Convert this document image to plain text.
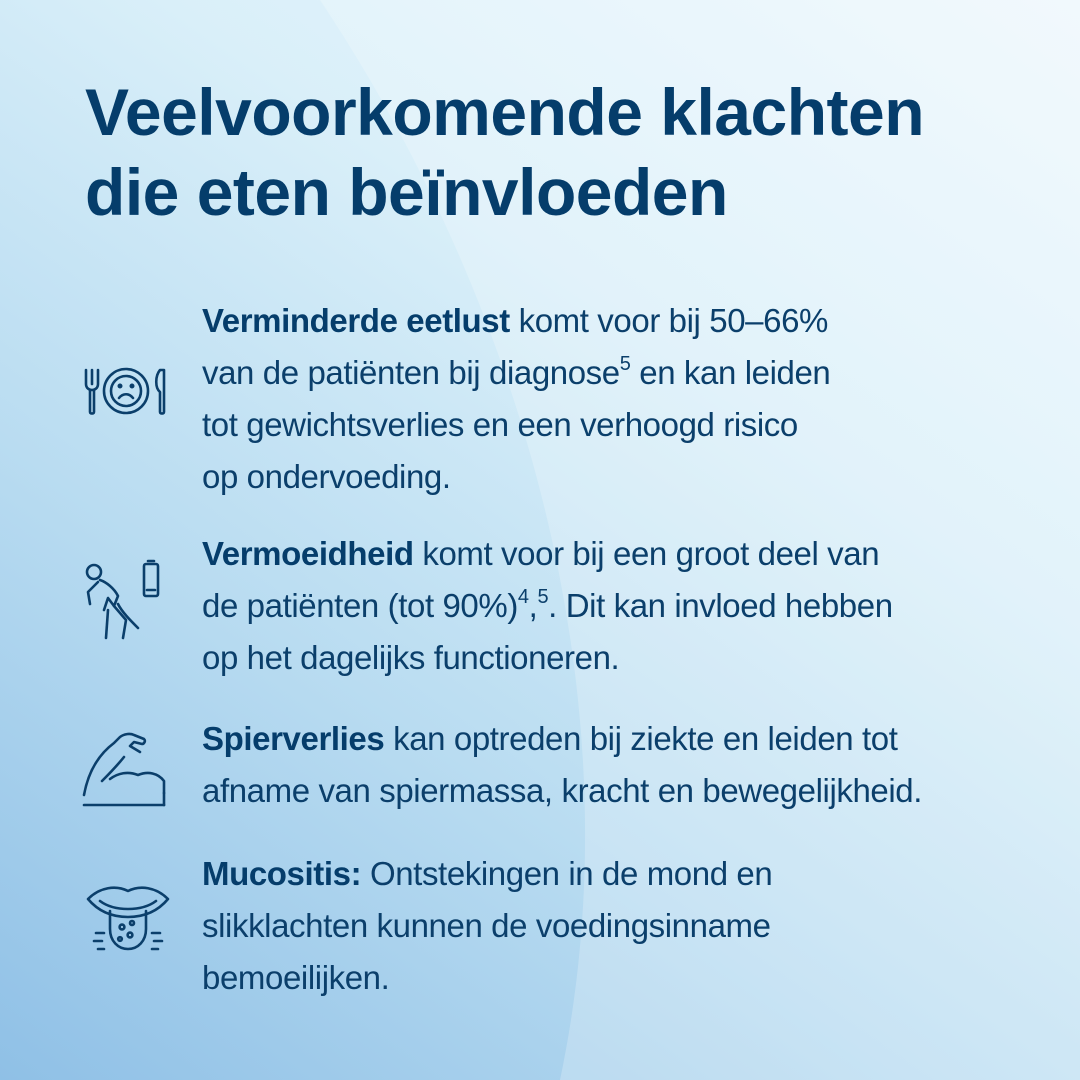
Veelvoorkomende klachten
die eten beïnvloeden

Verminderde eetlust komt voor bij 50–66%
van de patiënten bij diagnose$^5$ en kan leiden
tot gewichtsverlies en een verhoogd risico
op ondervoeding.

Vermoeidheid komt voor bij een groot deel van
de patiënten (tot 90%)$^4$,$^5$. Dit kan invloed hebben
op het dagelijks functioneren.

Spierverlies kan optreden bij ziekte en leiden tot
afname van spiermassa, kracht en bewegelijkheid.

Mucositis: Ontstekingen in de mond en
slikklachten kunnen de voedingsinname
bemoeilijken.
